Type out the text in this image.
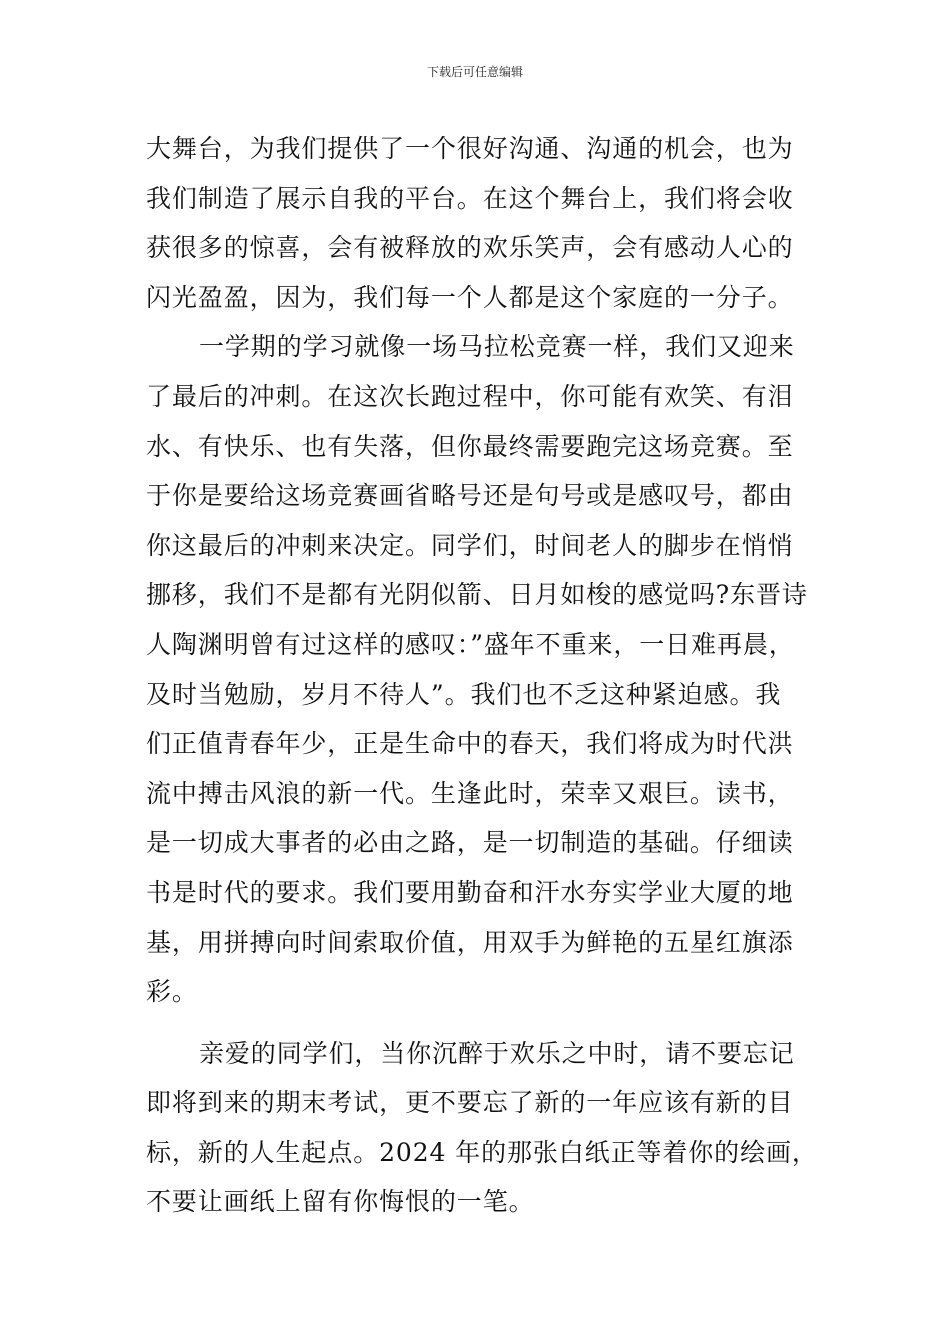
下载后可任意编辑
大舞台，为我们提供了一个很好沟通、沟通的机会，也为
我们制造了展示自我的平台。在这个舞台上，我们将会收
获很多的惊喜，会有被释放的欢乐笑声，会有感动人心的
闪光盈盈，因为，我们每一个人都是这个家庭的一分子。
一学期的学习就像一场马拉松竞赛一样，我们又迎来
了最后的冲刺。在这次长跑过程中，你可能有欢笑、有泪
水、有快乐、也有失落，但你最终需要跑完这场竞赛。至
于你是要给这场竞赛画省略号还是句号或是感叹号，都由
你这最后的冲刺来决定。同学们，时间老人的脚步在悄悄
挪移，我们不是都有光阴似箭、日月如梭的感觉吗?东晋诗
人陶渊明曾有过这样的感叹：”盛年不重来，一日难再晨，
及时当勉励，岁月不待人”。我们也不乏这种紧迫感。我
们正值青春年少，正是生命中的春天，我们将成为时代洪
流中搏击风浪的新一代。生逢此时，荣幸又艰巨。读书，
是一切成大事者的必由之路，是一切制造的基础。仔细读
书是时代的要求。我们要用勤奋和汗水夯实学业大厦的地
基，用拼搏向时间索取价值，用双手为鲜艳的五星红旗添
彩。
亲爱的同学们，当你沉醉于欢乐之中时，请不要忘记
即将到来的期末考试，更不要忘了新的一年应该有新的目
标，新的人生起点。2024 年的那张白纸正等着你的绘画，
不要让画纸上留有你悔恨的一笔。
